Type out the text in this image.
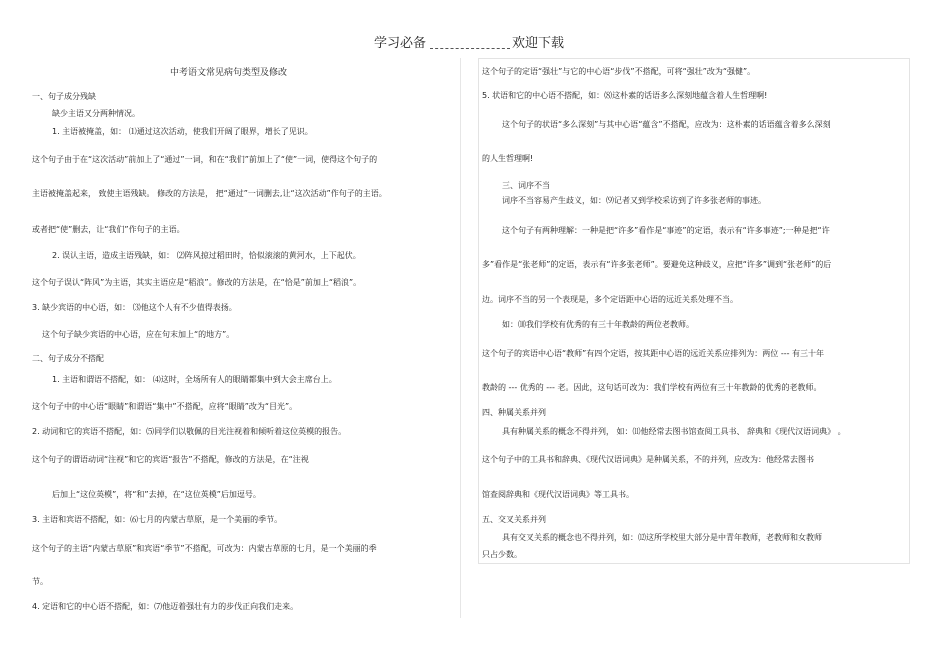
学习必备	欢迎下载
中考语文常见病句类型及修改
一、句子成分残缺
缺少主语又分两种情况。
1. 主语被掩盖，如： ⑴通过这次活动，使我们开阔了眼界，增长了见识。
这个句子由于在“这次活动”前加上了“通过”一词，和在“我们”前加上了“使”一词，使得这个句子的
主语被掩盖起来， 致使主语残缺。 修改的方法是， 把“通过”一词删去,让“这次活动”作句子的主语。
或者把“使”删去，让“我们”作句子的主语。
2. 误认主语，造成主语残缺，如： ⑵阵风掠过稻田时，恰似滚滚的黄河水，上下起伏。
这个句子误认“阵风”为主语，其实主语应是“稻浪”。修改的方法是，在“恰是”前加上“稻浪”。
3. 缺少宾语的中心语，如： ⑶他这个人有不少值得表扬。
这个句子缺少宾语的中心语，应在句末加上“的地方”。
二、句子成分不搭配
1. 主语和谓语不搭配，如： ⑷这时，全场所有人的眼睛都集中到大会主席台上。
这个句子中的中心语“眼睛”和谓语“集中”不搭配，应将“眼睛”改为“目光”。
2. 动词和它的宾语不搭配，如：⑸同学们以敬佩的目光注视着和倾听着这位英模的报告。
这个句子的谓语动词“注视”和它的宾语“报告”不搭配，修改的方法是，在“注视
后加上“这位英模”，将“和”去掉，在“这位英模”后加逗号。
3. 主语和宾语不搭配，如：⑹七月的内蒙古草原，是一个美丽的季节。
这个句子的主语“内蒙古草原”和宾语“季节”不搭配，可改为：内蒙古草原的七月，是一个美丽的季
节。
4. 定语和它的中心语不搭配，如：⑺他迈着强壮有力的步伐正向我们走来。
这个句子的定语“强壮”与它的中心语“步伐”不搭配，可将“强壮”改为“强健”。
5. 状语和它的中心语不搭配，如：⑻这朴素的话语多么深刻地蕴含着人生哲理啊!
这个句子的状语“多么深刻”与其中心语“蕴含”不搭配，应改为：这朴素的话语蕴含着多么深刻
的人生哲理啊!
三、词序不当
词序不当容易产生歧义，如：⑼记者又到学校采访到了许多张老师的事迹。
这个句子有两种理解：一种是把“许多”看作是“事迹”的定语，表示有“许多事迹”;一种是把“许
多”看作是“张老师”的定语，表示有“许多张老师”。要避免这种歧义，应把“许多”调到“张老师”的后
边。词序不当的另一个表现是，多个定语距中心语的远近关系处理不当。
如：⑽我们学校有优秀的有三十年教龄的两位老教师。
这个句子的宾语中心语“教师”有四个定语，按其距中心语的远近关系应排列为：两位 --- 有三十年
教龄的 --- 优秀的 --- 老。因此，这句话可改为：我们学校有两位有三十年教龄的优秀的老教师。
四、种属关系并列
具有种属关系的概念不得并列， 如：⑾他经常去图书馆查阅工具书、 辞典和《现代汉语词典》 。
这个句子中的工具书和辞典、《现代汉语词典》是种属关系，不的并列，应改为：他经常去图书
馆查阅辞典和《现代汉语词典》等工具书。
五、交叉关系并列
具有交叉关系的概念也不得并列，如：⑿这所学校里大部分是中青年教师，老教师和女教师
只占少数。
